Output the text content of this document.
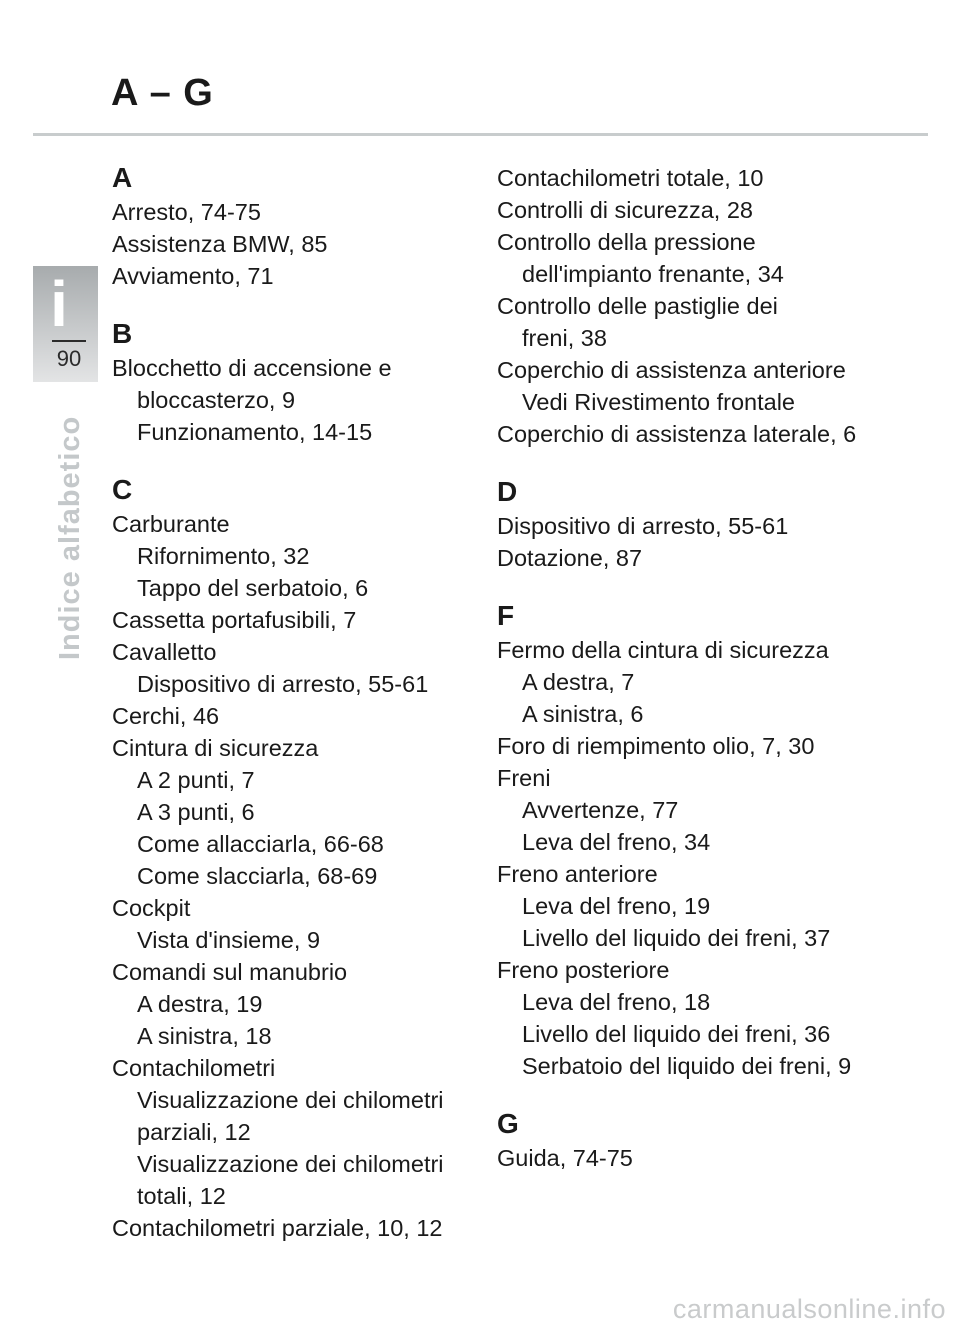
A – G
i
90
Indice alfabetico
A
Arresto, 74-75
Assistenza BMW, 85
Avviamento, 71
B
Blocchetto di accensione e
bloccasterzo, 9
Funzionamento, 14-15
C
Carburante
Rifornimento, 32
Tappo del serbatoio, 6
Cassetta portafusibili, 7
Cavalletto
Dispositivo di arresto, 55-61
Cerchi, 46
Cintura di sicurezza
A 2 punti, 7
A 3 punti, 6
Come allacciarla, 66-68
Come slacciarla, 68-69
Cockpit
Vista d'insieme, 9
Comandi sul manubrio
A destra, 19
A sinistra, 18
Contachilometri
Visualizzazione dei chilometri
parziali, 12
Visualizzazione dei chilometri
totali, 12
Contachilometri parziale, 10, 12
Contachilometri totale, 10
Controlli di sicurezza, 28
Controllo della pressione
dell'impianto frenante, 34
Controllo delle pastiglie dei
freni, 38
Coperchio di assistenza anteriore
Vedi Rivestimento frontale
Coperchio di assistenza laterale, 6
D
Dispositivo di arresto, 55-61
Dotazione, 87
F
Fermo della cintura di sicurezza
A destra, 7
A sinistra, 6
Foro di riempimento olio, 7, 30
Freni
Avvertenze, 77
Leva del freno, 34
Freno anteriore
Leva del freno, 19
Livello del liquido dei freni, 37
Freno posteriore
Leva del freno, 18
Livello del liquido dei freni, 36
Serbatoio del liquido dei freni, 9
G
Guida, 74-75
carmanualsonline.info
